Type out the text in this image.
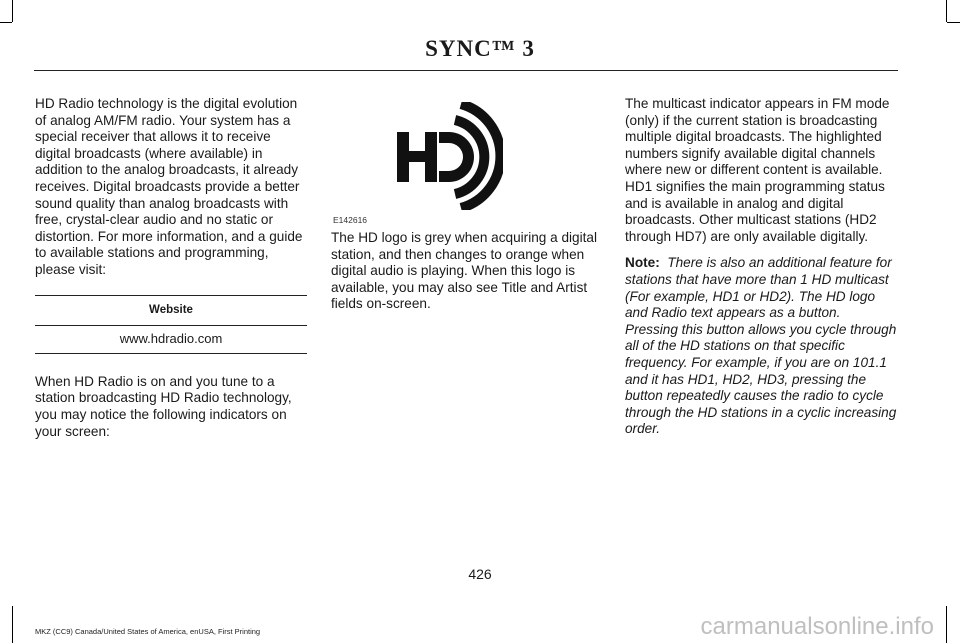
SYNC™ 3

HD Radio technology is the digital evolution of analog AM/FM radio. Your system has a special receiver that allows it to receive digital broadcasts (where available) in addition to the analog broadcasts, it already receives. Digital broadcasts provide a better sound quality than analog broadcasts with free, crystal-clear audio and no static or distortion. For more information, and a guide to available stations and programming, please visit:

Website
www.hdradio.com

When HD Radio is on and you tune to a station broadcasting HD Radio technology, you may notice the following indicators on your screen:

E142616

The HD logo is grey when acquiring a digital station, and then changes to orange when digital audio is playing. When this logo is available, you may also see Title and Artist fields on-screen.

The multicast indicator appears in FM mode (only) if the current station is broadcasting multiple digital broadcasts. The highlighted numbers signify available digital channels where new or different content is available. HD1 signifies the main programming status and is available in analog and digital broadcasts. Other multicast stations (HD2 through HD7) are only available digitally.

Note: There is also an additional feature for stations that have more than 1 HD multicast (For example, HD1 or HD2). The HD logo and Radio text appears as a button. Pressing this button allows you cycle through all of the HD stations on that specific frequency. For example, if you are on 101.1 and it has HD1, HD2, HD3, pressing the button repeatedly causes the radio to cycle through the HD stations in a cyclic increasing order.

426
MKZ (CC9) Canada/United States of America, enUSA, First Printing	carmanualsonline.info
